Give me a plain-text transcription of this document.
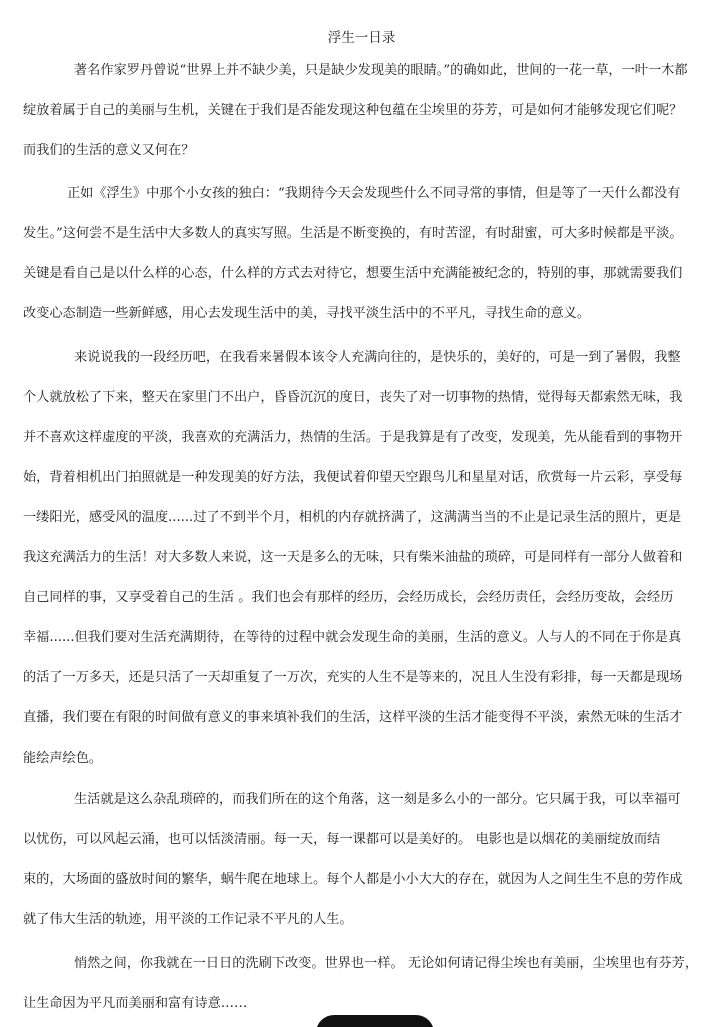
浮生一日录
著名作家罗丹曾说“世界上并不缺少美，只是缺少发现美的眼睛。”的确如此，世间的一花一草，一叶一木都
绽放着属于自己的美丽与生机，关键在于我们是否能发现这种包蕴在尘埃里的芬芳，可是如何才能够发现它们呢？
而我们的生活的意义又何在？
正如《浮生》中那个小女孩的独白：“我期待今天会发现些什么不同寻常的事情，但是等了一天什么都没有
发生。”这何尝不是生活中大多数人的真实写照。生活是不断变换的，有时苦涩，有时甜蜜，可大多时候都是平淡。
关键是看自己是以什么样的心态，什么样的方式去对待它，想要生活中充满能被纪念的，特别的事，那就需要我们
改变心态制造一些新鲜感，用心去发现生活中的美，寻找平淡生活中的不平凡，寻找生命的意义。
来说说我的一段经历吧，在我看来暑假本该令人充满向往的，是快乐的，美好的，可是一到了暑假，我整
个人就放松了下来，整天在家里门不出户，昏昏沉沉的度日，丧失了对一切事物的热情，觉得每天都索然无味，我
并不喜欢这样虚度的平淡，我喜欢的充满活力，热情的生活。于是我算是有了改变，发现美，先从能看到的事物开
始，背着相机出门拍照就是一种发现美的好方法，我便试着仰望天空跟鸟儿和星星对话，欣赏每一片云彩，享受每
一缕阳光，感受风的温度......过了不到半个月，相机的内存就挤满了，这满满当当的不止是记录生活的照片，更是
我这充满活力的生活！对大多数人来说，这一天是多么的无味，只有柴米油盐的琐碎，可是同样有一部分人做着和
自己同样的事，又享受着自己的生活 。我们也会有那样的经历，会经历成长，会经历责任，会经历变故，会经历
幸福......但我们要对生活充满期待，在等待的过程中就会发现生命的美丽，生活的意义。人与人的不同在于你是真
的活了一万多天，还是只活了一天却重复了一万次，充实的人生不是等来的，况且人生没有彩排，每一天都是现场
直播，我们要在有限的时间做有意义的事来填补我们的生活，这样平淡的生活才能变得不平淡，索然无味的生活才
能绘声绘色。
生活就是这么杂乱琐碎的，而我们所在的这个角落，这一刻是多么小的一部分。它只属于我，可以幸福可
以忧伤，可以风起云涌，也可以恬淡清丽。每一天，每一课都可以是美好的。 电影也是以烟花的美丽绽放而结
束的，大场面的盛放时间的繁华，蜗牛爬在地球上。每个人都是小小大大的存在，就因为人之间生生不息的劳作成
就了伟大生活的轨迹，用平淡的工作记录不平凡的人生。
悄然之间，你我就在一日日的洗刷下改变。世界也一样。 无论如何请记得尘埃也有美丽，尘埃里也有芬芳，
让生命因为平凡而美丽和富有诗意……
